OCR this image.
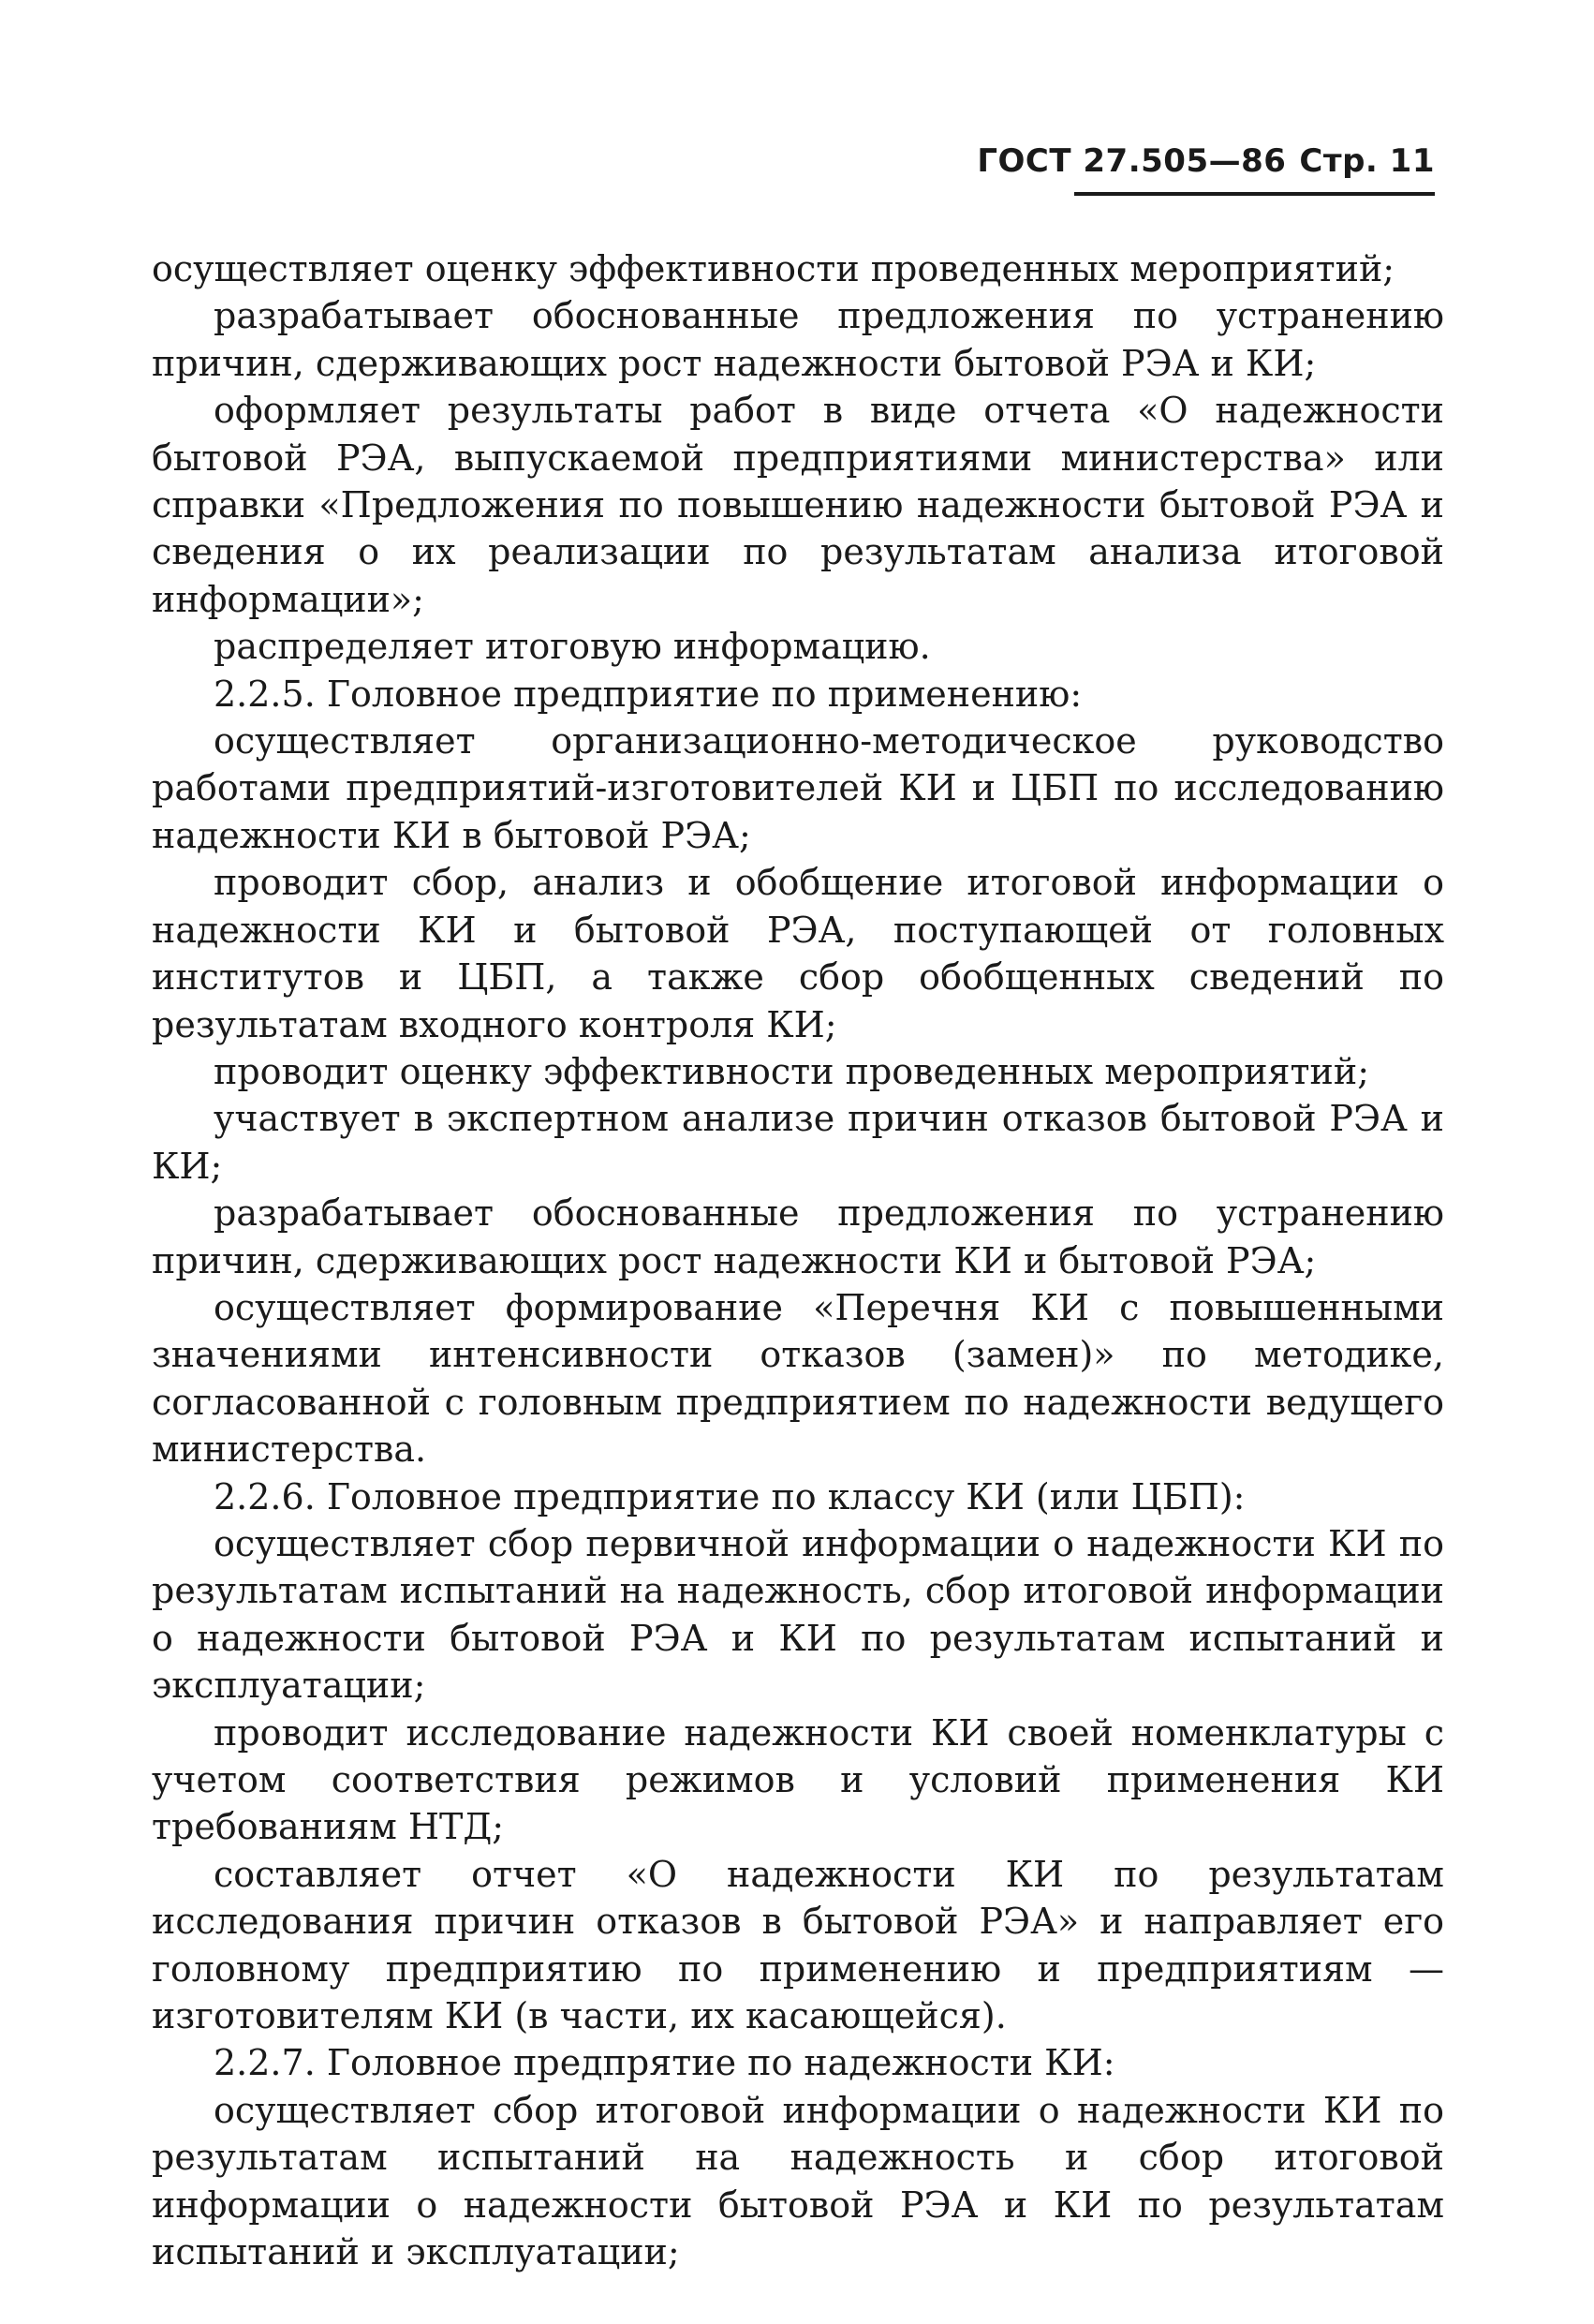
ГОСТ 27.505—86 Стр. 11

осуществляет оценку эффективности проведенных мероприятий;

разрабатывает обоснованные предложения по устранению причин, сдерживающих рост надежности бытовой РЭА и КИ;

оформляет результаты работ в виде отчета «О надежности бытовой РЭА, выпускаемой предприятиями министерства» или справки «Предложения по повышению надежности бытовой РЭА и сведения о их реализации по результатам анализа итоговой информации»;

распределяет итоговую информацию.

2.2.5. Головное предприятие по применению:

осуществляет организационно-методическое руководство работами предприятий-изготовителей КИ и ЦБП по исследованию надежности КИ в бытовой РЭА;

проводит сбор, анализ и обобщение итоговой информации о надежности КИ и бытовой РЭА, поступающей от головных институтов и ЦБП, а также сбор обобщенных сведений по результатам входного контроля КИ;

проводит оценку эффективности проведенных мероприятий;

участвует в экспертном анализе причин отказов бытовой РЭА и КИ;

разрабатывает обоснованные предложения по устранению причин, сдерживающих рост надежности КИ и бытовой РЭА;

осуществляет формирование «Перечня КИ с повышенными значениями интенсивности отказов (замен)» по методике, согласованной с головным предприятием по надежности ведущего министерства.

2.2.6. Головное предприятие по классу КИ (или ЦБП):

осуществляет сбор первичной информации о надежности КИ по результатам испытаний на надежность, сбор итоговой информации о надежности бытовой РЭА и КИ по результатам испытаний и эксплуатации;

проводит исследование надежности КИ своей номенклатуры с учетом соответствия режимов и условий применения КИ требованиям НТД;

составляет отчет «О надежности КИ по результатам исследования причин отказов в бытовой РЭА» и направляет его головному предприятию по применению и предприятиям — изготовителям КИ (в части, их касающейся).

2.2.7. Головное предпрятие по надежности КИ:

осуществляет сбор итоговой информации о надежности КИ по результатам испытаний на надежность и сбор итоговой информации о надежности бытовой РЭА и КИ по результатам испытаний и эксплуатации;
